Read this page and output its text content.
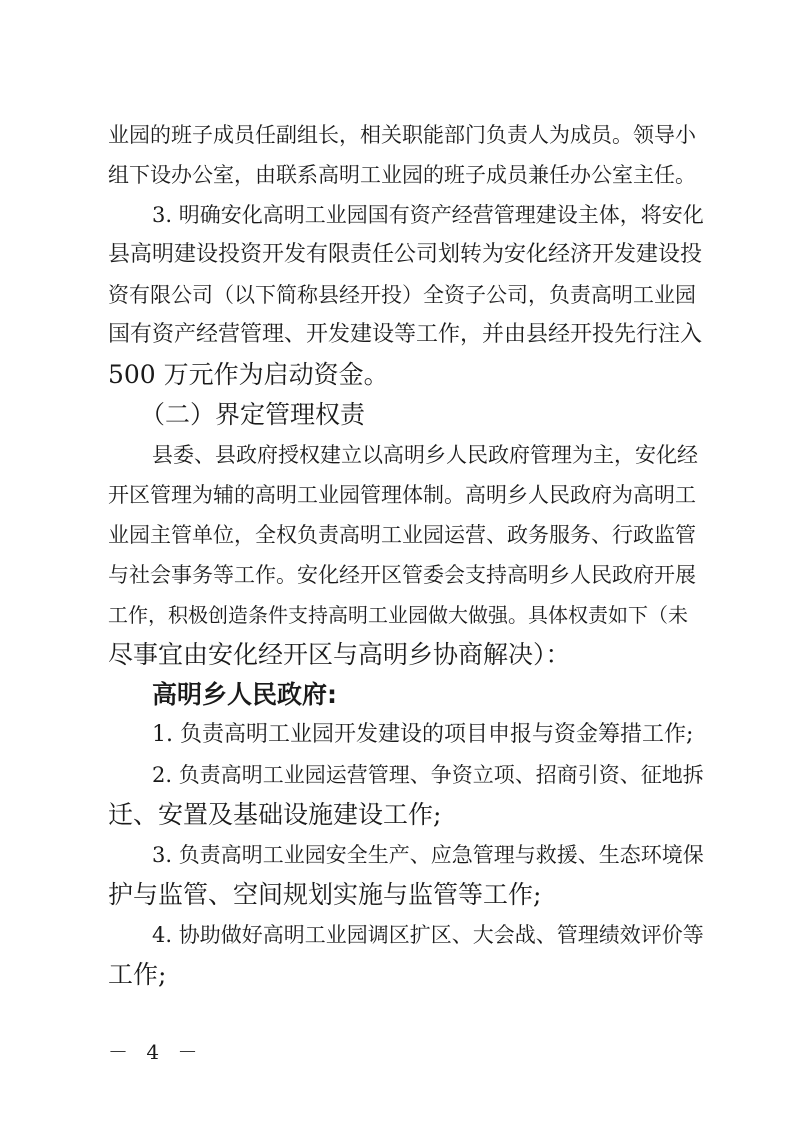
业园的班子成员任副组长，相关职能部门负责人为成员。领导小
组下设办公室，由联系高明工业园的班子成员兼任办公室主任。
3. 明确安化高明工业园国有资产经营管理建设主体，将安化
县高明建设投资开发有限责任公司划转为安化经济开发建设投
资有限公司（以下简称县经开投）全资子公司，负责高明工业园
国有资产经营管理、开发建设等工作，并由县经开投先行注入
500 万元作为启动资金。
（二）界定管理权责
县委、县政府授权建立以高明乡人民政府管理为主，安化经
开区管理为辅的高明工业园管理体制。高明乡人民政府为高明工
业园主管单位，全权负责高明工业园运营、政务服务、行政监管
与社会事务等工作。安化经开区管委会支持高明乡人民政府开展
工作，积极创造条件支持高明工业园做大做强。具体权责如下（未
尽事宜由安化经开区与高明乡协商解决）：
高明乡人民政府:
1. 负责高明工业园开发建设的项目申报与资金筹措工作;
2. 负责高明工业园运营管理、争资立项、招商引资、征地拆
迁、安置及基础设施建设工作;
3. 负责高明工业园安全生产、应急管理与救援、生态环境保
护与监管、空间规划实施与监管等工作;
4. 协助做好高明工业园调区扩区、大会战、管理绩效评价等
工作;
－ 4 －
